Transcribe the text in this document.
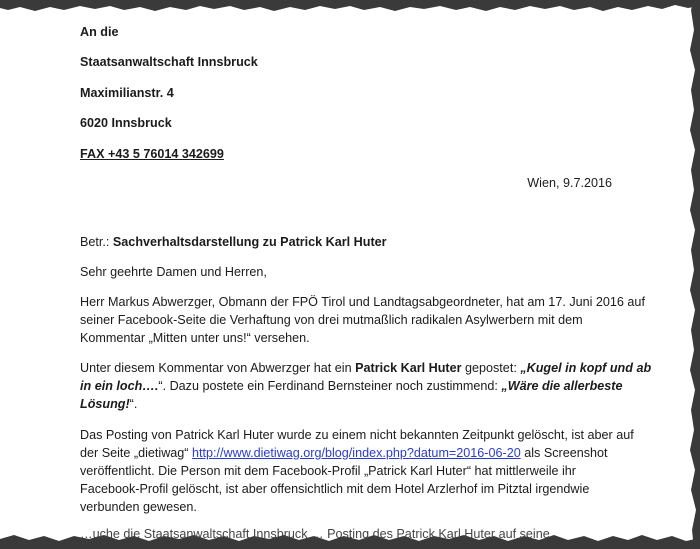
An die
Staatsanwaltschaft Innsbruck
Maximilianstr. 4
6020 Innsbruck
FAX +43 5 76014 342699
Wien, 9.7.2016
Betr.: Sachverhaltsdarstellung zu Patrick Karl Huter
Sehr geehrte Damen und Herren,
Herr Markus Abwerzger, Obmann der FPÖ Tirol und Landtagsabgeordneter, hat am 17. Juni 2016 auf
seiner Facebook-Seite die Verhaftung von drei mutmaßlich radikalen Asylwerbern mit dem
Kommentar „Mitten unter uns!“ versehen.
Unter diesem Kommentar von Abwerzger hat ein Patrick Karl Huter gepostet: „Kugel in kopf und ab
in ein loch….“. Dazu postete ein Ferdinand Bernsteiner noch zustimmend: „Wäre die allerbeste
Lösung!“.
Das Posting von Patrick Karl Huter wurde zu einem nicht bekannten Zeitpunkt gelöscht, ist aber auf
der Seite „dietiwag“ http://www.dietiwag.org/blog/index.php?datum=2016-06-20 als Screenshot
veröffentlicht. Die Person mit dem Facebook-Profil „Patrick Karl Huter“ hat mittlerweile ihr
Facebook-Profil gelöscht, ist aber offensichtlich mit dem Hotel Arzlerhof im Pitztal irgendwie
verbunden gewesen.
…uche die Staatsanwaltschaft Innsbruck … Posting des Patrick Karl Huter auf seine
